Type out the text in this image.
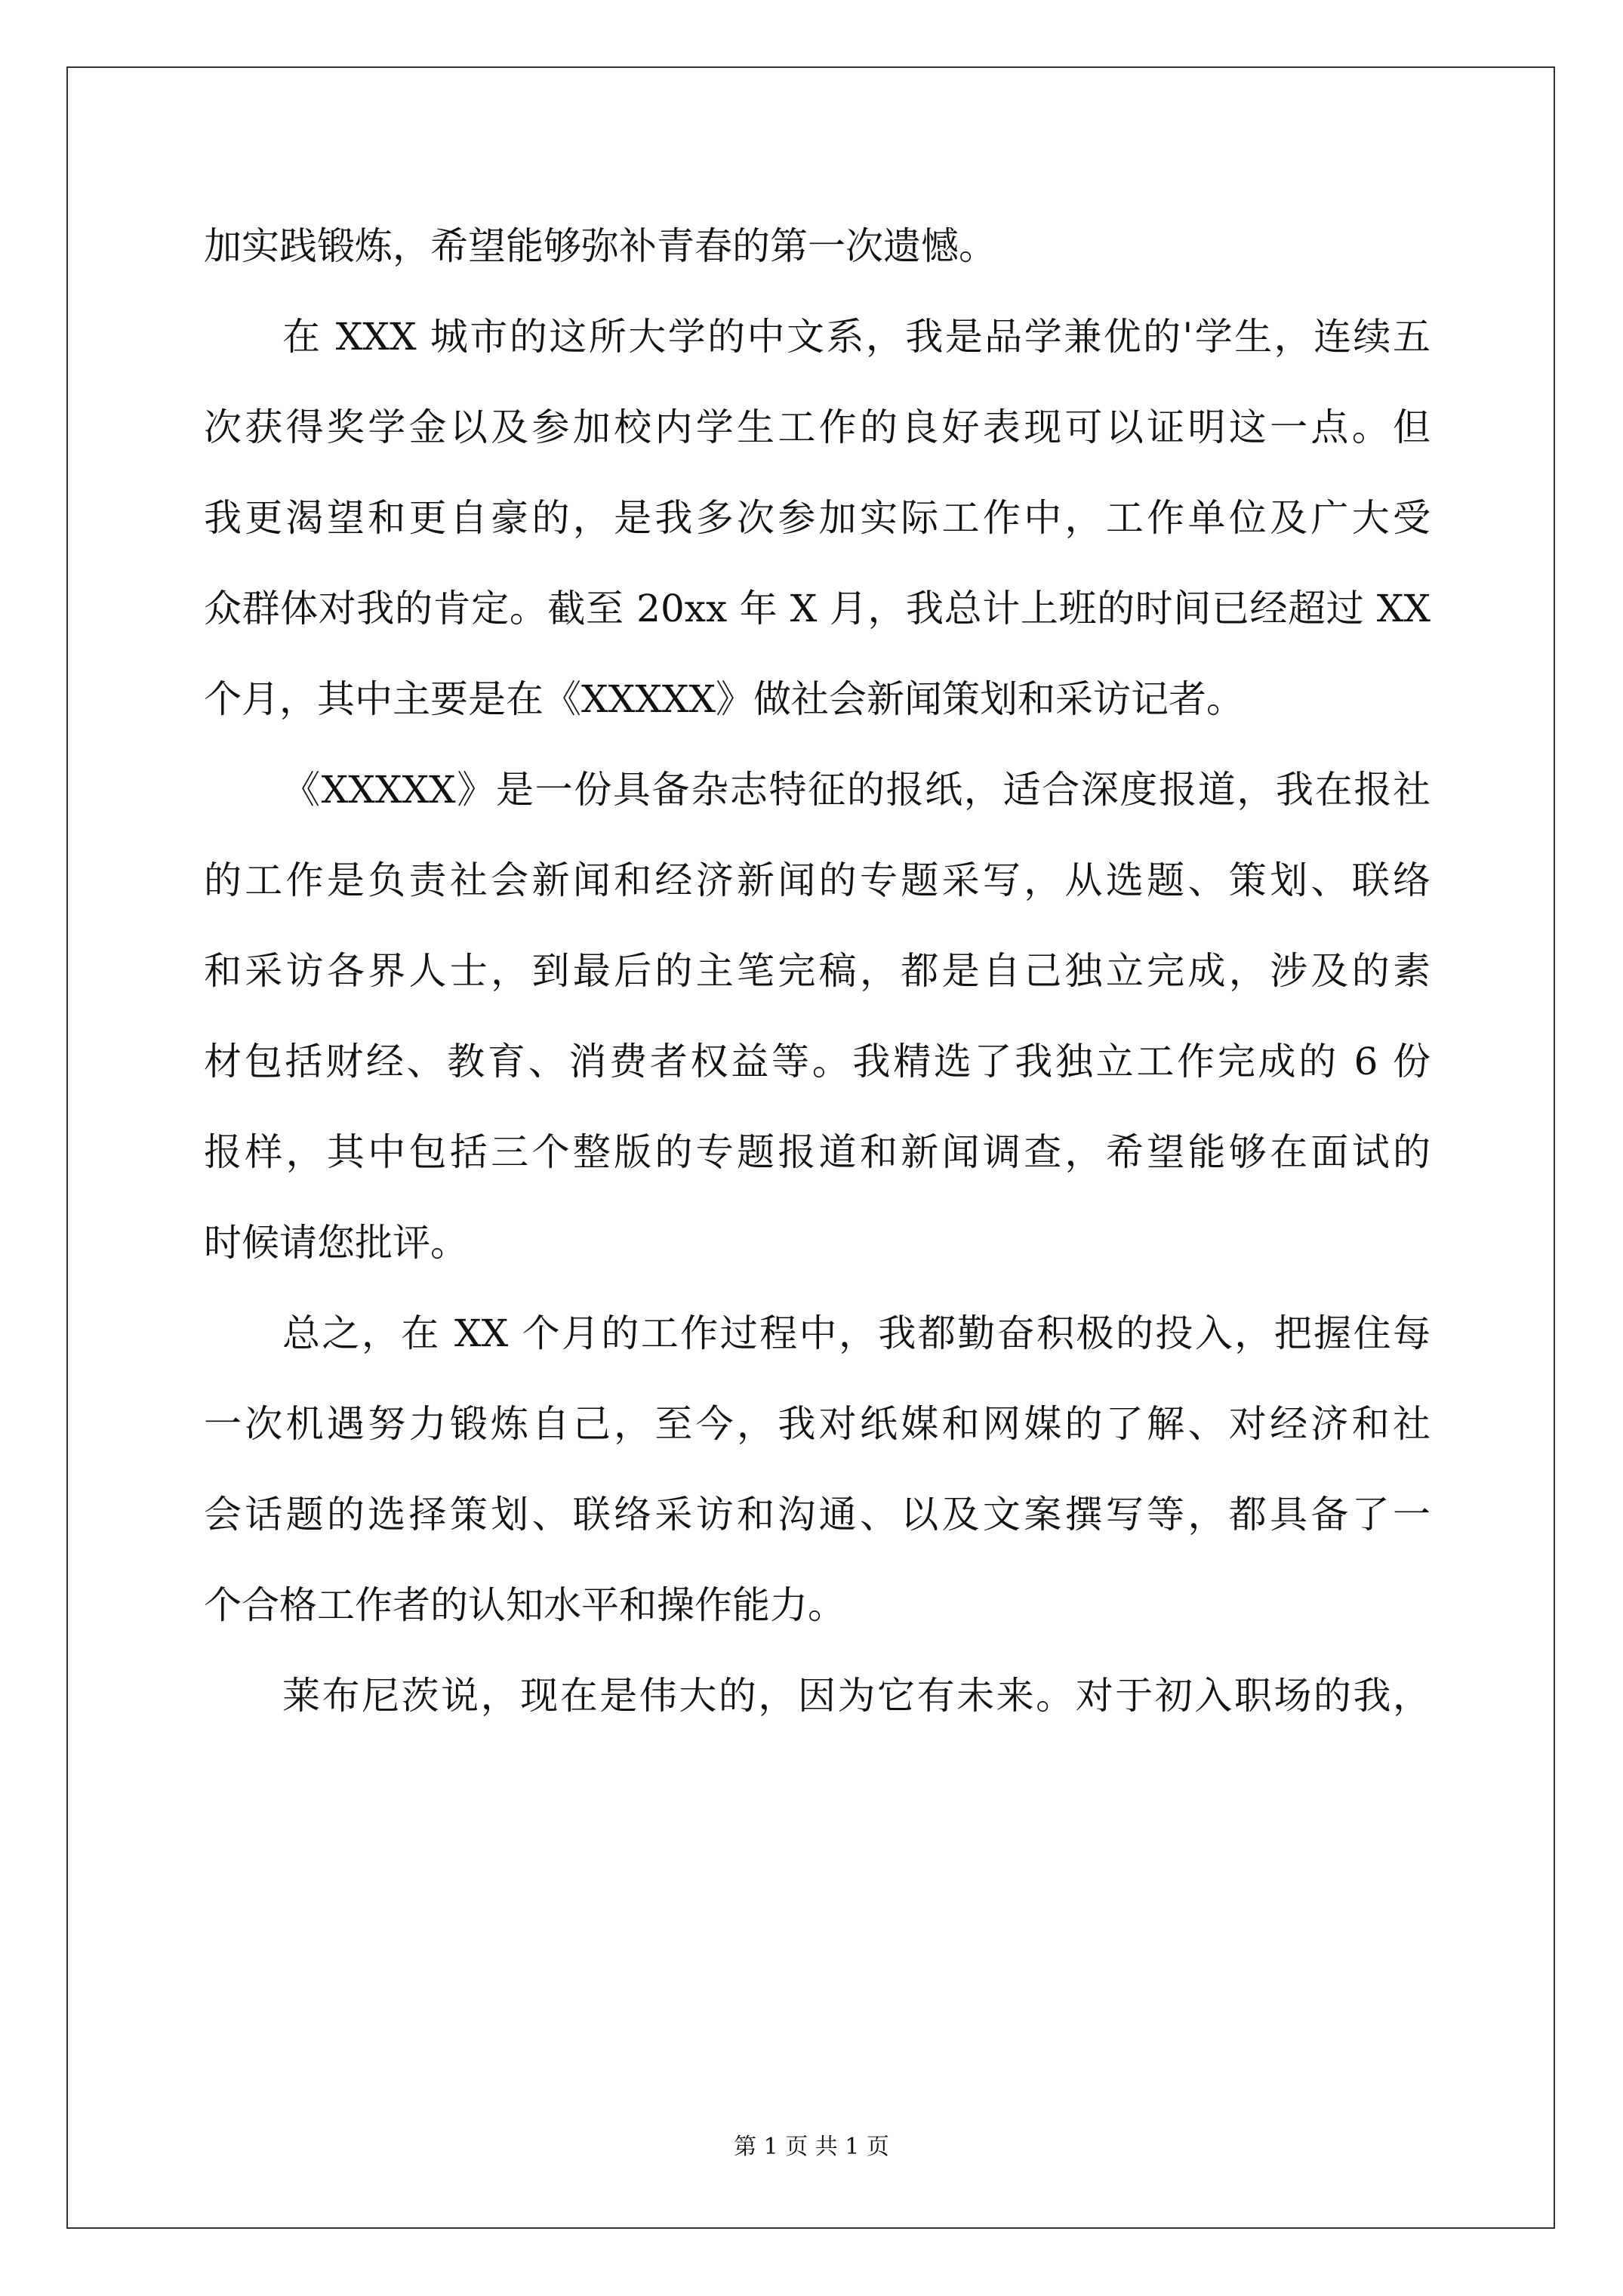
加实践锻炼，希望能够弥补青春的第一次遗憾。
在 XXX 城市的这所大学的中文系，我是品学兼优的'学生，连续五
次获得奖学金以及参加校内学生工作的良好表现可以证明这一点。但
我更渴望和更自豪的，是我多次参加实际工作中，工作单位及广大受
众群体对我的肯定。截至 20xx 年 X 月，我总计上班的时间已经超过 XX
个月，其中主要是在《XXXXX》做社会新闻策划和采访记者。
《XXXXX》是一份具备杂志特征的报纸，适合深度报道，我在报社
的工作是负责社会新闻和经济新闻的专题采写，从选题、策划、联络
和采访各界人士，到最后的主笔完稿，都是自己独立完成，涉及的素
材包括财经、教育、消费者权益等。我精选了我独立工作完成的 6 份
报样，其中包括三个整版的专题报道和新闻调查，希望能够在面试的
时候请您批评。
总之，在 XX 个月的工作过程中，我都勤奋积极的投入，把握住每
一次机遇努力锻炼自己，至今，我对纸媒和网媒的了解、对经济和社
会话题的选择策划、联络采访和沟通、以及文案撰写等，都具备了一
个合格工作者的认知水平和操作能力。
莱布尼茨说，现在是伟大的，因为它有未来。对于初入职场的我，
第 1 页 共 1 页
